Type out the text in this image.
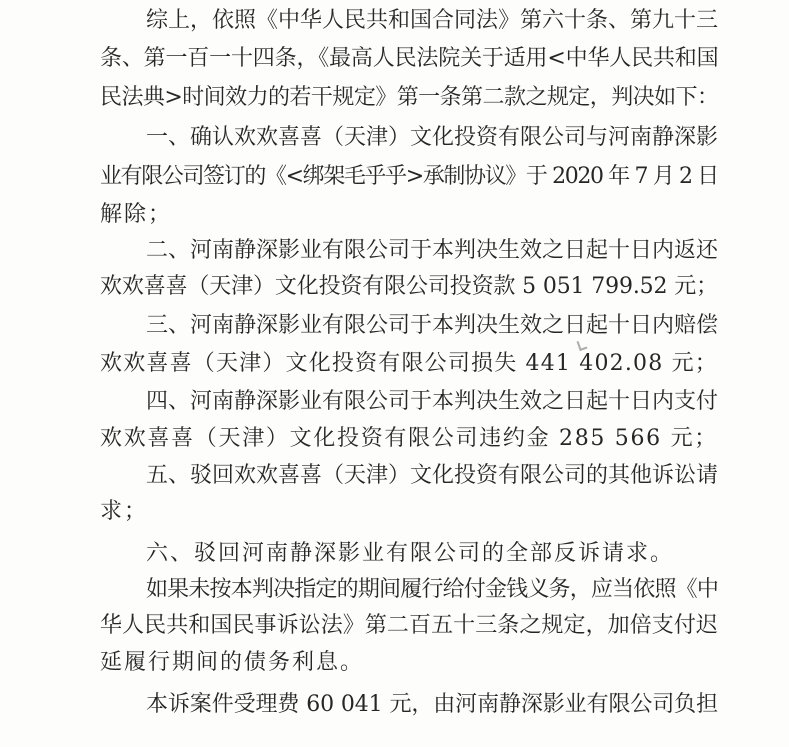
综上，依照《中华人民共和国合同法》第六十条、第九十三
条、第一百一十四条，《最高人民法院关于适用<中华人民共和国
民法典>时间效力的若干规定》第一条第二款之规定，判决如下：
一、确认欢欢喜喜（天津）文化投资有限公司与河南静深影
业有限公司签订的《<绑架毛乎乎>承制协议》于 2020 年 7 月 2 日
解除；
二、河南静深影业有限公司于本判决生效之日起十日内返还
欢欢喜喜（天津）文化投资有限公司投资款 5 051 799.52 元；
三、河南静深影业有限公司于本判决生效之日起十日内赔偿
欢欢喜喜（天津）文化投资有限公司损失 441 402.08 元；
四、河南静深影业有限公司于本判决生效之日起十日内支付
欢欢喜喜（天津）文化投资有限公司违约金 285 566 元；
五、驳回欢欢喜喜（天津）文化投资有限公司的其他诉讼请
求；
六、驳回河南静深影业有限公司的全部反诉请求。
如果未按本判决指定的期间履行给付金钱义务，应当依照《中
华人民共和国民事诉讼法》第二百五十三条之规定，加倍支付迟
延履行期间的债务利息。
本诉案件受理费 60 041 元，由河南静深影业有限公司负担
